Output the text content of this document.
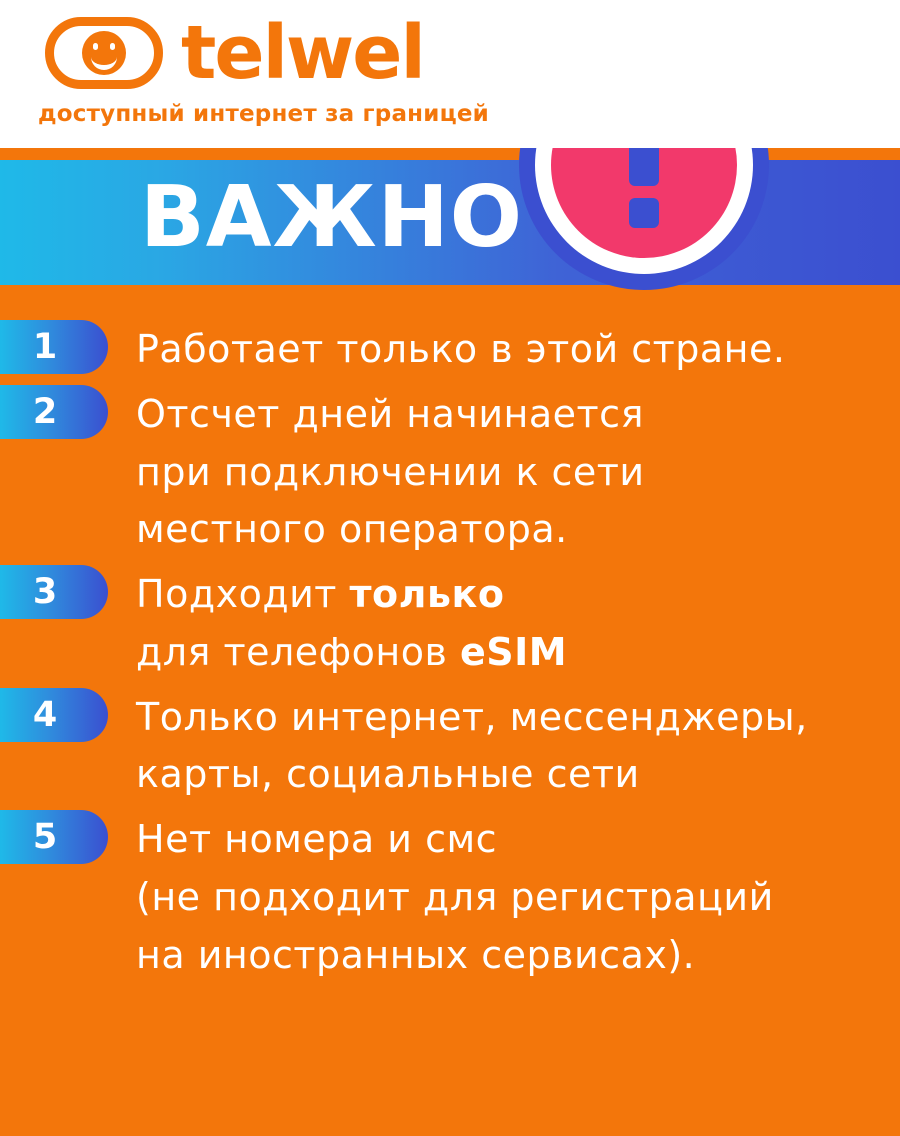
telwel
доступный интернет за границей
ВАЖНО
1	Работает только в этой стране.
2	Отсчет дней начинается
при подключении к сети
местного оператора.
3	Подходит только
для телефонов eSIM
4	Только интернет, мессенджеры,
карты, социальные сети
5	Нет номера и смс
(не подходит для регистраций
на иностранных сервисах).
